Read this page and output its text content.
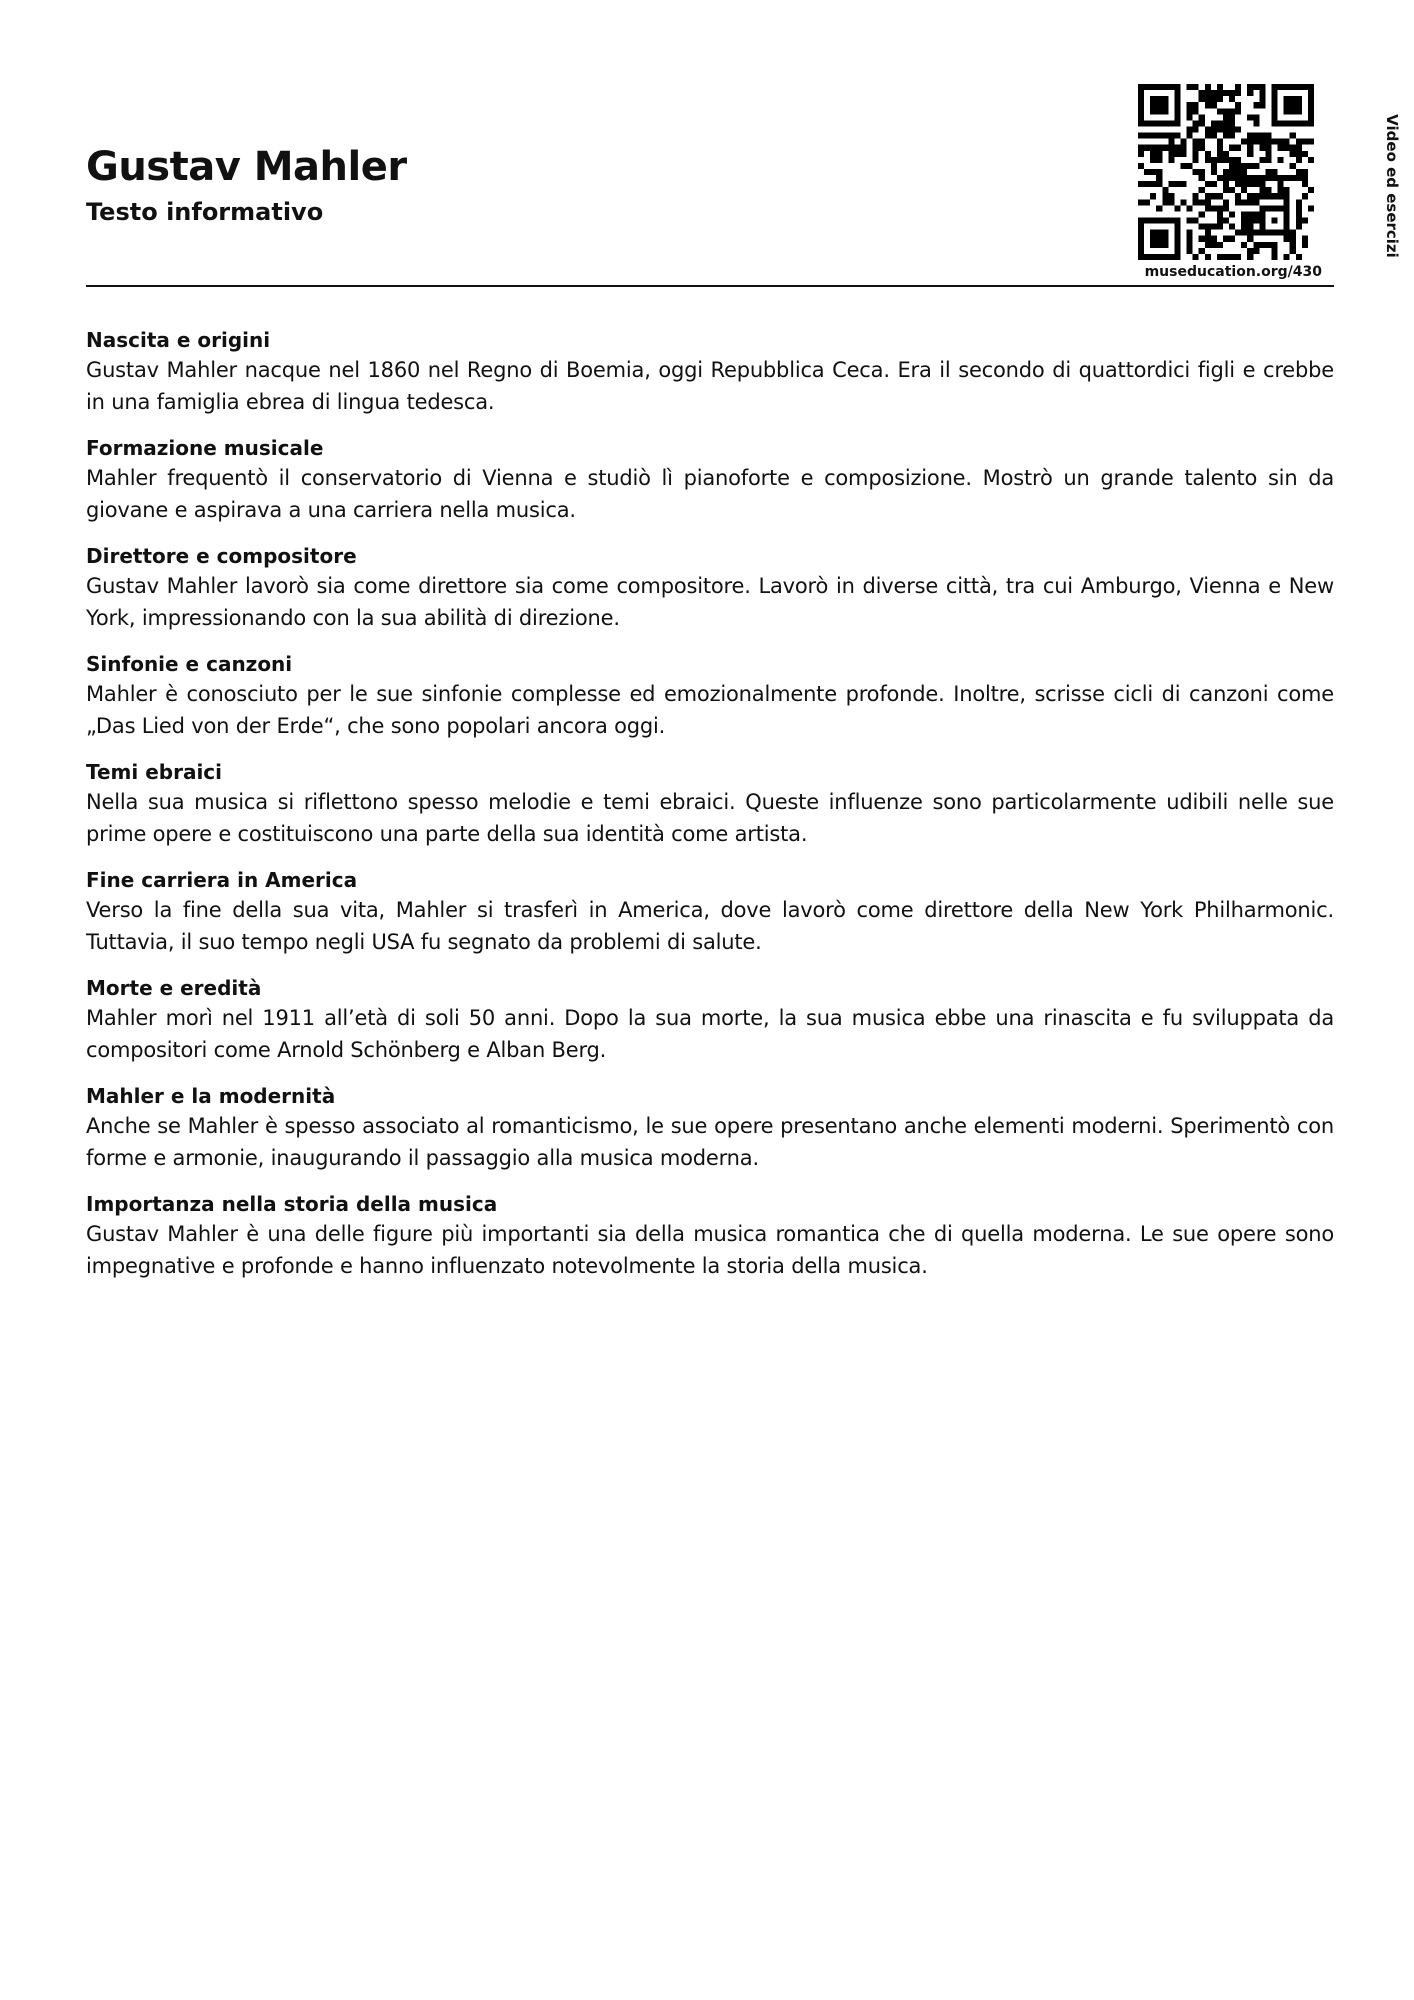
Gustav Mahler
Testo informativo	Video ed esercizi
museducation.org/430
Nascita e origini

Gustav Mahler nacque nel 1860 nel Regno di Boemia, oggi Repubblica Ceca. Era il secondo di quattordici figli e crebbe in una famiglia ebrea di lingua tedesca.

Formazione musicale

Mahler frequentò il conservatorio di Vienna e studiò lì pianoforte e composizione. Mostrò un grande talento sin da giovane e aspirava a una carriera nella musica.

Direttore e compositore

Gustav Mahler lavorò sia come direttore sia come compositore. Lavorò in diverse città, tra cui Amburgo, Vienna e New York, impressionando con la sua abilità di direzione.

Sinfonie e canzoni

Mahler è conosciuto per le sue sinfonie complesse ed emozionalmente profonde. Inoltre, scrisse cicli di canzoni come „Das Lied von der Erde“, che sono popolari ancora oggi.

Temi ebraici

Nella sua musica si riflettono spesso melodie e temi ebraici. Queste influenze sono particolarmente udibili nelle sue prime opere e costituiscono una parte della sua identità come artista.

Fine carriera in America

Verso la fine della sua vita, Mahler si trasferì in America, dove lavorò come direttore della New York Philharmonic. Tuttavia, il suo tempo negli USA fu segnato da problemi di salute.

Morte e eredità

Mahler morì nel 1911 all’età di soli 50 anni. Dopo la sua morte, la sua musica ebbe una rinascita e fu sviluppata da compositori come Arnold Schönberg e Alban Berg.

Mahler e la modernità

Anche se Mahler è spesso associato al romanticismo, le sue opere presentano anche elementi moderni. Sperimentò con forme e armonie, inaugurando il passaggio alla musica moderna.

Importanza nella storia della musica

Gustav Mahler è una delle figure più importanti sia della musica romantica che di quella moderna. Le sue opere sono impegnative e profonde e hanno influenzato notevolmente la storia della musica.
